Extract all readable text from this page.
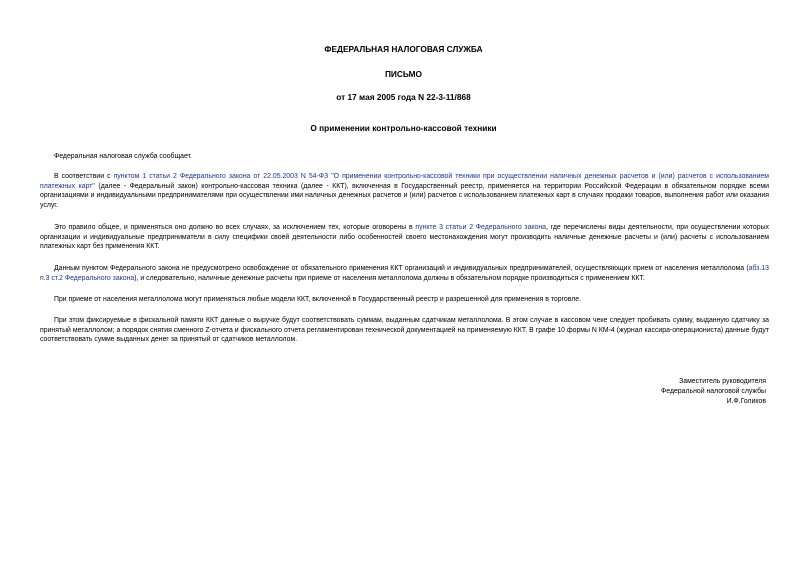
ФЕДЕРАЛЬНАЯ НАЛОГОВАЯ СЛУЖБА
ПИСЬМО
от 17 мая 2005 года N 22-3-11/868
О применении контрольно-кассовой техники

Федеральная налоговая служба сообщает.

В соответствии с пунктом 1 статьи 2 Федерального закона от 22.05.2003 N 54-ФЗ "О применении контрольно-кассовой техники при осуществлении наличных денежных расчетов и (или) расчетов с использованием платежных карт" (далее - Федеральный закон) контрольно-кассовая техника (далее - ККТ), включенная в Государственный реестр, применяется на территории Российской Федерации в обязательном порядке всеми организациями и индивидуальными предпринимателями при осуществлении ими наличных денежных расчетов и (или) расчетов с использованием платежных карт в случаях продажи товаров, выполнения работ или оказания услуг.

Это правило общее, и применяться оно должно во всех случаях, за исключением тех, которые оговорены в пункте 3 статьи 2 Федерального закона, где перечислены виды деятельности, при осуществлении которых организации и индивидуальные предприниматели в силу специфики своей деятельности либо особенностей своего местонахождения могут производить наличные денежные расчеты и (или) расчеты с использованием платежных карт без применения ККТ.

Данным пунктом Федерального закона не предусмотрено освобождение от обязательного применения ККТ организаций и индивидуальных предпринимателей, осуществляющих прием от населения металлолома (абз.13 п.3 ст.2 Федерального закона), и следовательно, наличные денежные расчеты при приеме от населения металлолома должны в обязательном порядке производиться с применением ККТ.

При приеме от населения металлолома могут применяться любые модели ККТ, включенной в Государственный реестр и разрешенной для применения в торговле.

При этом фиксируемые в фискальной памяти ККТ данные о выручке будут соответствовать суммам, выданным сдатчикам металлолома. В этом случае в кассовом чеке следует пробивать сумму, выданную сдатчику за принятый металлолом; а порядок снятия сменного Z-отчета и фискального отчета регламентирован технической документацией на применяемую ККТ. В графе 10 формы N КМ-4 (журнал кассира-операциониста) данные будут соответствовать сумме выданных денег за принятый от сдатчиков металлолом.

Заместитель руководителя
Федеральной налоговой службы
И.Ф.Голиков
